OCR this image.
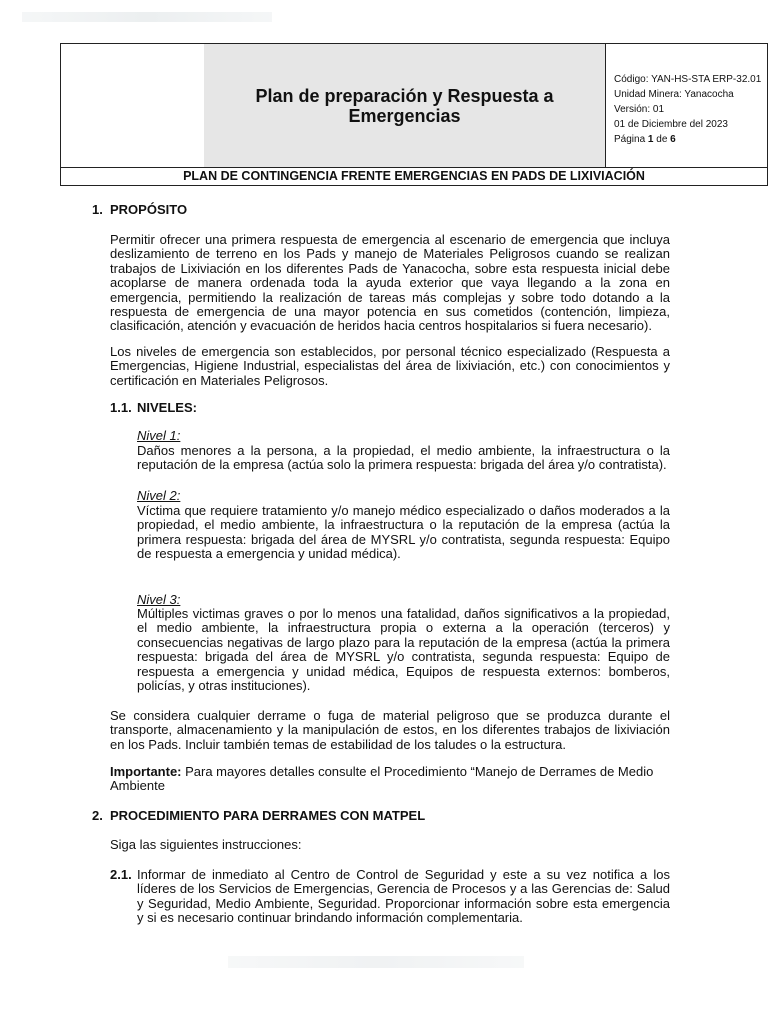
Plan de preparación y Respuesta a Emergencias
Código: YAN-HS-STA ERP-32.01
Unidad Minera: Yanacocha
Versión: 01
01 de Diciembre del 2023
Página 1 de 6
PLAN DE CONTINGENCIA FRENTE EMERGENCIAS EN PADS DE LIXIVIACIÓN
1. PROPÓSITO
Permitir ofrecer una primera respuesta de emergencia al escenario de emergencia que incluya deslizamiento de terreno en los Pads y manejo de Materiales Peligrosos cuando se realizan trabajos de Lixiviación en los diferentes Pads de Yanacocha, sobre esta respuesta inicial debe acoplarse de manera ordenada toda la ayuda exterior que vaya llegando a la zona en emergencia, permitiendo la realización de tareas más complejas y sobre todo dotando a la respuesta de emergencia de una mayor potencia en sus cometidos (contención, limpieza, clasificación, atención y evacuación de heridos hacia centros hospitalarios si fuera necesario).
Los niveles de emergencia son establecidos, por personal técnico especializado (Respuesta a Emergencias, Higiene Industrial, especialistas del área de lixiviación, etc.) con conocimientos y certificación en Materiales Peligrosos.
1.1. NIVELES:
Nivel 1:
Daños menores a la persona, a la propiedad, el medio ambiente, la infraestructura o la reputación de la empresa (actúa solo la primera respuesta: brigada del área y/o contratista).
Nivel 2:
Víctima que requiere tratamiento y/o manejo médico especializado o daños moderados a la propiedad, el medio ambiente, la infraestructura o la reputación de la empresa (actúa la primera respuesta: brigada del área de MYSRL y/o contratista, segunda respuesta: Equipo de respuesta a emergencia y unidad médica).
Nivel 3:
Múltiples victimas graves o por lo menos una fatalidad, daños significativos a la propiedad, el medio ambiente, la infraestructura propia o externa a la operación (terceros) y consecuencias negativas de largo plazo para la reputación de la empresa (actúa la primera respuesta: brigada del área de MYSRL y/o contratista, segunda respuesta: Equipo de respuesta a emergencia y unidad médica, Equipos de respuesta externos: bomberos, policías, y otras instituciones).
Se considera cualquier derrame o fuga de material peligroso que se produzca durante el transporte, almacenamiento y la manipulación de estos, en los diferentes trabajos de lixiviación en los Pads. Incluir también temas de estabilidad de los taludes o la estructura.
Importante: Para mayores detalles consulte el Procedimiento “Manejo de Derrames de Medio Ambiente
2. PROCEDIMIENTO PARA DERRAMES CON MATPEL
Siga las siguientes instrucciones:
2.1. Informar de inmediato al Centro de Control de Seguridad y este a su vez notifica a los líderes de los Servicios de Emergencias, Gerencia de Procesos y a las Gerencias de: Salud y Seguridad, Medio Ambiente, Seguridad. Proporcionar información sobre esta emergencia y si es necesario continuar brindando información complementaria.
